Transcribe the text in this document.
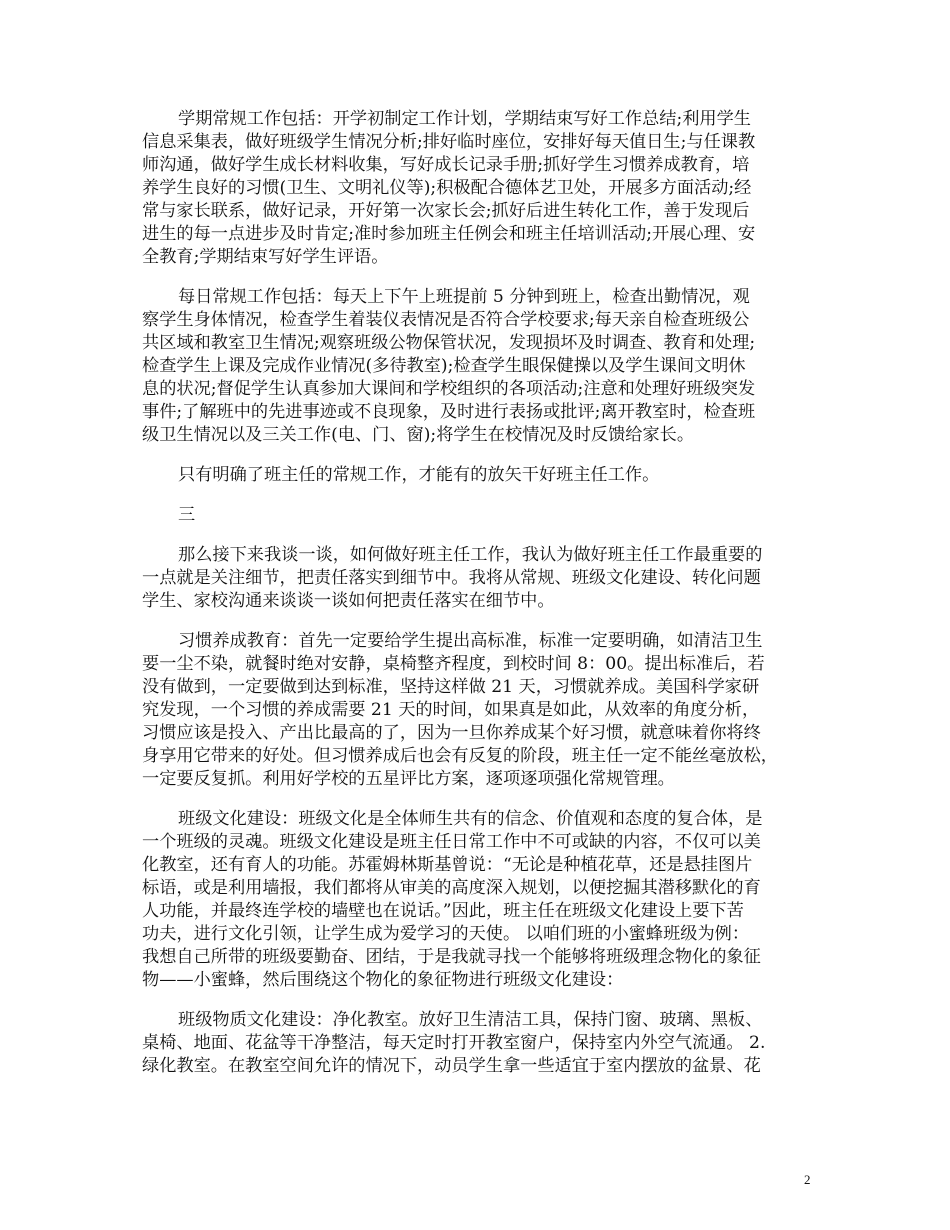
学期常规工作包括：开学初制定工作计划，学期结束写好工作总结;利用学生
信息采集表，做好班级学生情况分析;排好临时座位，安排好每天值日生;与任课教
师沟通，做好学生成长材料收集，写好成长记录手册;抓好学生习惯养成教育，培
养学生良好的习惯(卫生、文明礼仪等);积极配合德体艺卫处，开展多方面活动;经
常与家长联系，做好记录，开好第一次家长会;抓好后进生转化工作，善于发现后
进生的每一点进步及时肯定;准时参加班主任例会和班主任培训活动;开展心理、安
全教育;学期结束写好学生评语。
每日常规工作包括：每天上下午上班提前 5 分钟到班上，检查出勤情况，观
察学生身体情况，检查学生着装仪表情况是否符合学校要求;每天亲自检查班级公
共区域和教室卫生情况;观察班级公物保管状况，发现损坏及时调查、教育和处理;
检查学生上课及完成作业情况(多待教室);检查学生眼保健操以及学生课间文明休
息的状况;督促学生认真参加大课间和学校组织的各项活动;注意和处理好班级突发
事件;了解班中的先进事迹或不良现象，及时进行表扬或批评;离开教室时，检查班
级卫生情况以及三关工作(电、门、窗);将学生在校情况及时反馈给家长。
只有明确了班主任的常规工作，才能有的放矢干好班主任工作。
三
那么接下来我谈一谈，如何做好班主任工作，我认为做好班主任工作最重要的
一点就是关注细节，把责任落实到细节中。我将从常规、班级文化建设、转化问题
学生、家校沟通来谈谈一谈如何把责任落实在细节中。
习惯养成教育：首先一定要给学生提出高标准，标准一定要明确，如清洁卫生
要一尘不染，就餐时绝对安静，桌椅整齐程度，到校时间 8：00。提出标准后，若
没有做到，一定要做到达到标准，坚持这样做 21 天，习惯就养成。美国科学家研
究发现，一个习惯的养成需要 21 天的时间，如果真是如此，从效率的角度分析，
习惯应该是投入、产出比最高的了，因为一旦你养成某个好习惯，就意味着你将终
身享用它带来的好处。但习惯养成后也会有反复的阶段，班主任一定不能丝毫放松，
一定要反复抓。利用好学校的五星评比方案，逐项逐项强化常规管理。
班级文化建设：班级文化是全体师生共有的信念、价值观和态度的复合体，是
一个班级的灵魂。班级文化建设是班主任日常工作中不可或缺的内容，不仅可以美
化教室，还有育人的功能。苏霍姆林斯基曾说：“无论是种植花草，还是悬挂图片
标语，或是利用墙报，我们都将从审美的高度深入规划，以便挖掘其潜移默化的育
人功能，并最终连学校的墙壁也在说话。”因此，班主任在班级文化建设上要下苦
功夫，进行文化引领，让学生成为爱学习的天使。 以咱们班的小蜜蜂班级为例：
我想自己所带的班级要勤奋、团结，于是我就寻找一个能够将班级理念物化的象征
物——小蜜蜂，然后围绕这个物化的象征物进行班级文化建设：
班级物质文化建设：净化教室。放好卫生清洁工具，保持门窗、玻璃、黑板、
桌椅、地面、花盆等干净整洁，每天定时打开教室窗户，保持室内外空气流通。 2.
绿化教室。在教室空间允许的情况下，动员学生拿一些适宜于室内摆放的盆景、花
2
